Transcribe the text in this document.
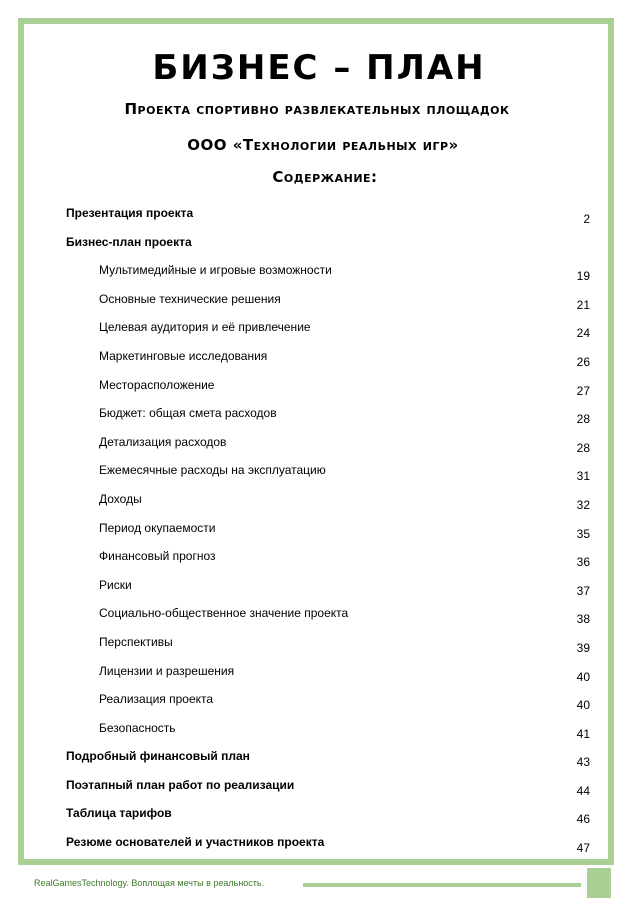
БИЗНЕС – ПЛАН
Проекта спортивно развлекательных площадок
ООО «Технологии реальных игр»
Содержание:
Презентация проекта	2
Бизнес-план проекта
Мультимедийные и игровые возможности	19
Основные технические решения	21
Целевая аудитория и её привлечение	24
Маркетинговые исследования	26
Месторасположение	27
Бюджет: общая смета расходов	28
Детализация расходов	28
Ежемесячные расходы на эксплуатацию	31
Доходы	32
Период окупаемости	35
Финансовый прогноз	36
Риски	37
Социально-общественное значение проекта	38
Перспективы	39
Лицензии и разрешения	40
Реализация проекта	40
Безопасность	41
Подробный финансовый план	43
Поэтапный план работ по реализации	44
Таблица тарифов	46
Резюме основателей и участников проекта	47
RealGamesTechnology. Воплощая мечты в реальность.
